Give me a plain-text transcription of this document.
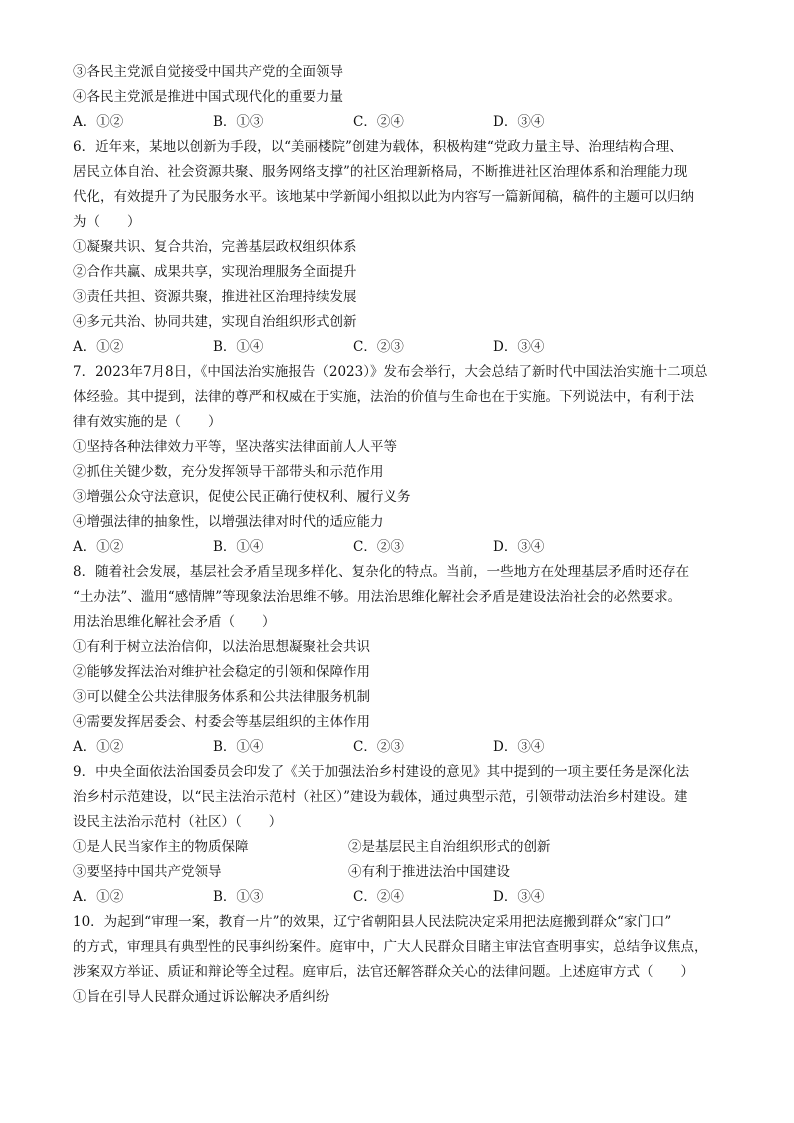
③各民主党派自觉接受中国共产党的全面领导
④各民主党派是推进中国式现代化的重要力量
A．①②	B．①③	C．②④	D．③④
6．近年来，某地以创新为手段，以“美丽楼院”创建为载体，积极构建“党政力量主导、治理结构合理、
居民立体自治、社会资源共聚、服务网络支撑”的社区治理新格局，不断推进社区治理体系和治理能力现
代化，有效提升了为民服务水平。该地某中学新闻小组拟以此为内容写一篇新闻稿，稿件的主题可以归纳
为（　　）
①凝聚共识、复合共治，完善基层政权组织体系
②合作共赢、成果共享，实现治理服务全面提升
③责任共担、资源共聚，推进社区治理持续发展
④多元共治、协同共建，实现自治组织形式创新
A．①②	B．①④	C．②③	D．③④
7．2023年7月8日，《中国法治实施报告（2023）》发布会举行，大会总结了新时代中国法治实施十二项总
体经验。其中提到，法律的尊严和权威在于实施，法治的价值与生命也在于实施。下列说法中，有利于法
律有效实施的是（　　）
①坚持各种法律效力平等，坚决落实法律面前人人平等
②抓住关键少数，充分发挥领导干部带头和示范作用
③增强公众守法意识，促使公民正确行使权利、履行义务
④增强法律的抽象性，以增强法律对时代的适应能力
A．①②	B．①④	C．②③	D．③④
8．随着社会发展，基层社会矛盾呈现多样化、复杂化的特点。当前，一些地方在处理基层矛盾时还存在
“土办法”、滥用“感情牌”等现象法治思维不够。用法治思维化解社会矛盾是建设法治社会的必然要求。
用法治思维化解社会矛盾（　　）
①有利于树立法治信仰，以法治思想凝聚社会共识
②能够发挥法治对维护社会稳定的引领和保障作用
③可以健全公共法律服务体系和公共法律服务机制
④需要发挥居委会、村委会等基层组织的主体作用
A．①②	B．①④	C．②③	D．③④
9．中央全面依法治国委员会印发了《关于加强法治乡村建设的意见》其中提到的一项主要任务是深化法
治乡村示范建设，以“民主法治示范村（社区）”建设为载体，通过典型示范，引领带动法治乡村建设。建
设民主法治示范村（社区）（　　）
①是人民当家作主的物质保障	②是基层民主自治组织形式的创新
③要坚持中国共产党领导	④有利于推进法治中国建设
A．①②	B．①③	C．②④	D．③④
10．为起到“审理一案，教育一片”的效果，辽宁省朝阳县人民法院决定采用把法庭搬到群众“家门口”
的方式，审理具有典型性的民事纠纷案件。庭审中，广大人民群众目睹主审法官查明事实，总结争议焦点，
涉案双方举证、质证和辩论等全过程。庭审后，法官还解答群众关心的法律问题。上述庭审方式（　　）
①旨在引导人民群众通过诉讼解决矛盾纠纷
